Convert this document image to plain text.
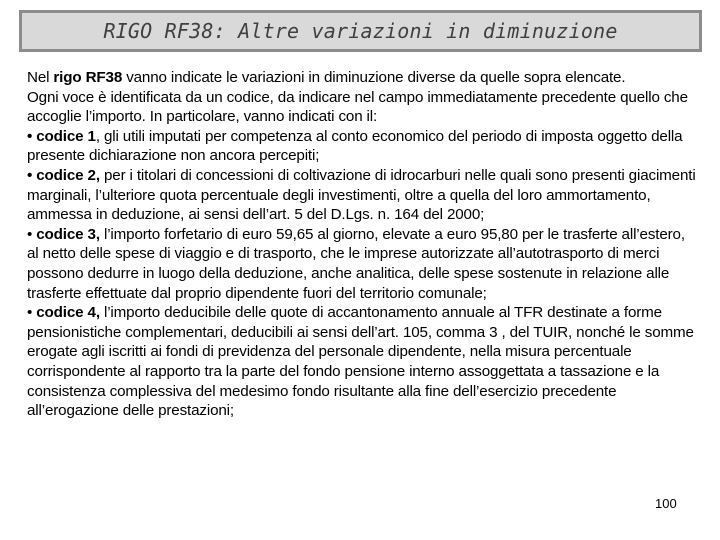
RIGO RF38: Altre variazioni in diminuzione

Nel rigo RF38 vanno indicate le variazioni in diminuzione diverse da quelle sopra elencate.

Ogni voce è identificata da un codice, da indicare nel campo immediatamente precedente quello che accoglie l’importo. In particolare, vanno indicati con il:

• codice 1, gli utili imputati per competenza al conto economico del periodo di imposta oggetto della presente dichiarazione non ancora percepiti;

• codice 2, per i titolari di concessioni di coltivazione di idrocarburi nelle quali sono presenti giacimenti marginali, l’ulteriore quota percentuale degli investimenti, oltre a quella del loro ammortamento, ammessa in deduzione, ai sensi dell’art. 5 del D.Lgs. n. 164 del 2000;

• codice 3, l’importo forfetario di euro 59,65 al giorno, elevate a euro 95,80 per le trasferte all’estero, al netto delle spese di viaggio e di trasporto, che le imprese autorizzate all’autotrasporto di merci possono dedurre in luogo della deduzione, anche analitica, delle spese sostenute in relazione alle trasferte effettuate dal proprio dipendente fuori del territorio comunale;

• codice 4, l’importo deducibile delle quote di accantonamento annuale al TFR destinate a forme pensionistiche complementari, deducibili ai sensi dell’art. 105, comma 3 , del TUIR, nonché le somme erogate agli iscritti ai fondi di previdenza del personale dipendente, nella misura percentuale corrispondente al rapporto tra la parte del fondo pensione interno assoggettata a tassazione e la consistenza complessiva del medesimo fondo risultante alla fine dell’esercizio precedente all’erogazione delle prestazioni;

100
